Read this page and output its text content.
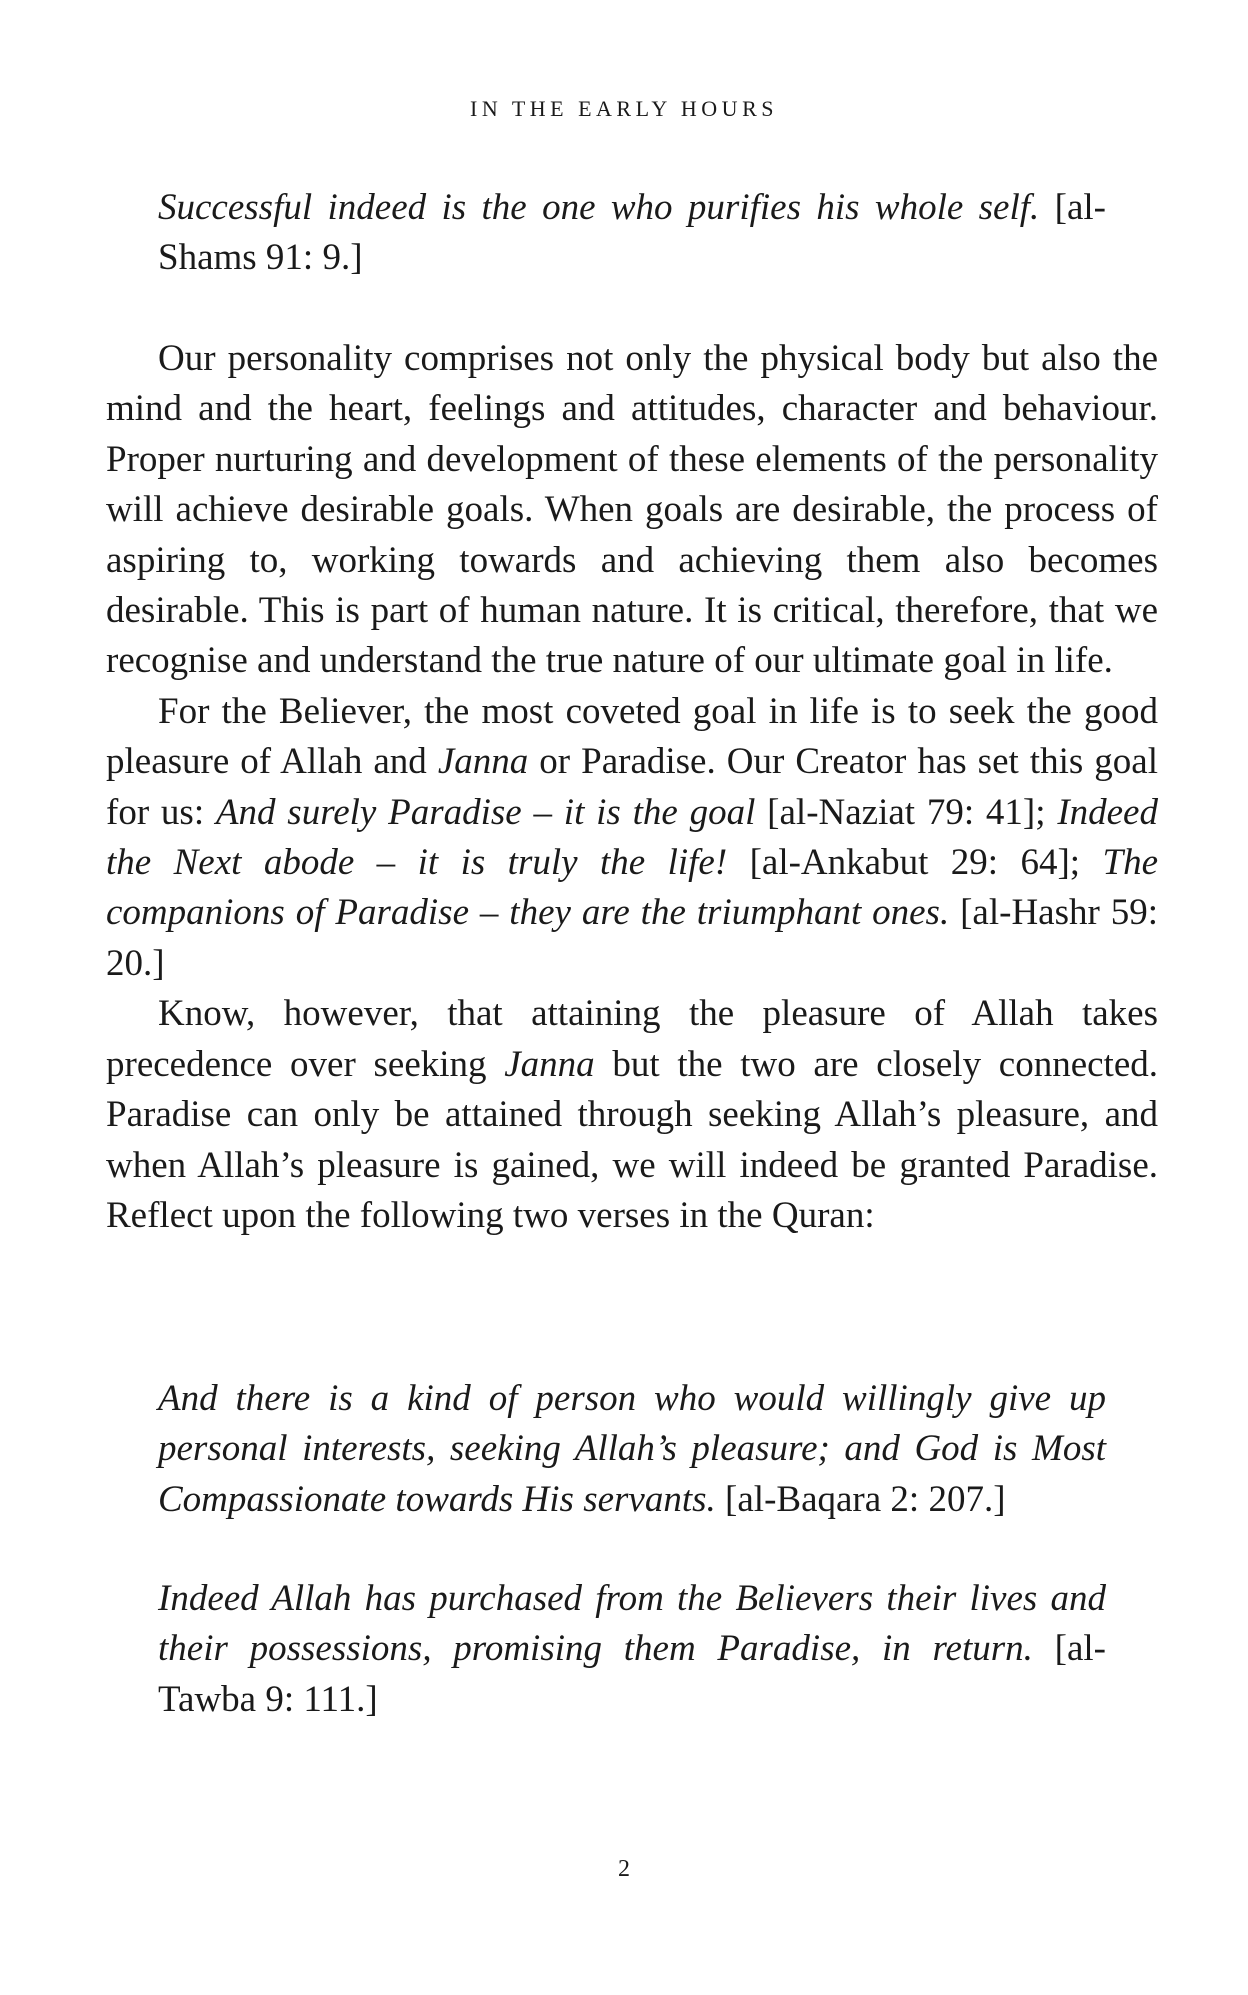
IN THE EARLY HOURS

Successful indeed is the one who purifies his whole self. [al-Shams 91: 9.]

Our personality comprises not only the physical body but also the mind and the heart, feelings and attitudes, character and behaviour. Proper nurturing and development of these elements of the personality will achieve desirable goals. When goals are desirable, the process of aspiring to, working towards and achieving them also becomes desirable. This is part of human nature. It is critical, therefore, that we recognise and understand the true nature of our ultimate goal in life.

For the Believer, the most coveted goal in life is to seek the good pleasure of Allah and Janna or Paradise. Our Creator has set this goal for us: And surely Paradise – it is the goal [al-Naziat 79: 41]; Indeed the Next abode – it is truly the life! [al-Ankabut 29: 64]; The companions of Paradise – they are the triumphant ones. [al-Hashr 59: 20.]

Know, however, that attaining the pleasure of Allah takes precedence over seeking Janna but the two are closely connected. Paradise can only be attained through seeking Allah’s pleasure, and when Allah’s pleasure is gained, we will indeed be granted Paradise. Reflect upon the following two verses in the Quran:

And there is a kind of person who would willingly give up personal interests, seeking Allah’s pleasure; and God is Most Compassionate towards His servants. [al-Baqara 2: 207.]

Indeed Allah has purchased from the Believers their lives and their possessions, promising them Paradise, in return. [al-Tawba 9: 111.]

2
